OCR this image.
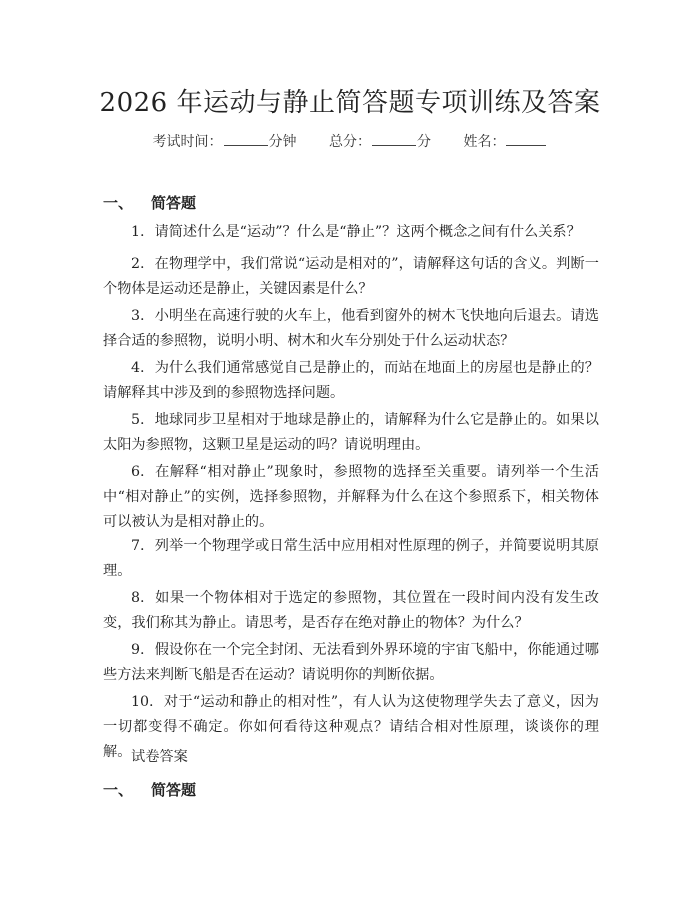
2026 年运动与静止简答题专项训练及答案
考试时间：	分钟 总分：	分 姓名：
一、 简答题
1. 请简述什么是“运动”？什么是“静止”？这两个概念之间有什么关系？
2. 在物理学中，我们常说“运动是相对的”，请解释这句话的含义。判断一个物体是运动还是静止，关键因素是什么？
3. 小明坐在高速行驶的火车上，他看到窗外的树木飞快地向后退去。请选择合适的参照物，说明小明、树木和火车分别处于什么运动状态？
4. 为什么我们通常感觉自己是静止的，而站在地面上的房屋也是静止的？请解释其中涉及到的参照物选择问题。
5. 地球同步卫星相对于地球是静止的，请解释为什么它是静止的。如果以太阳为参照物，这颗卫星是运动的吗？请说明理由。
6. 在解释“相对静止”现象时，参照物的选择至关重要。请列举一个生活中“相对静止”的实例，选择参照物，并解释为什么在这个参照系下，相关物体可以被认为是相对静止的。
7. 列举一个物理学或日常生活中应用相对性原理的例子，并简要说明其原理。
8. 如果一个物体相对于选定的参照物，其位置在一段时间内没有发生改变，我们称其为静止。请思考，是否存在绝对静止的物体？为什么？
9. 假设你在一个完全封闭、无法看到外界环境的宇宙飞船中，你能通过哪些方法来判断飞船是否在运动？请说明你的判断依据。
10. 对于“运动和静止的相对性”，有人认为这使物理学失去了意义，因为一切都变得不确定。你如何看待这种观点？请结合相对性原理，谈谈你的理解。 试卷答案
一、 简答题
